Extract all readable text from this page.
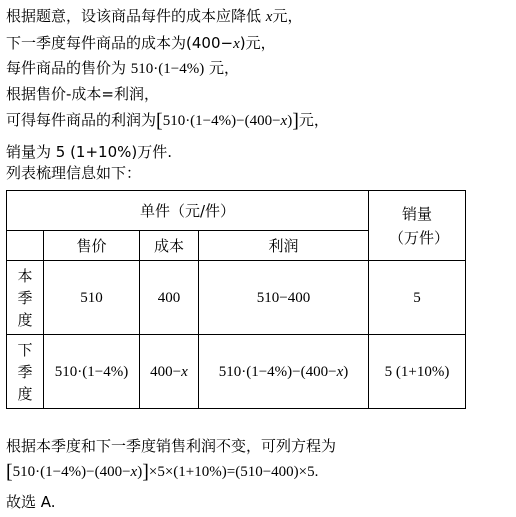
根据题意，设该商品每件的成本应降低 x元，
下一季度每件商品的成本为(400−x)元，
每件商品的售价为 510·(1−4%) 元，
根据售价-成本=利润，
可得每件商品的利润为[510·(1−4%)−(400−x)]元，
销量为 5 (1+10%)万件.
列表梳理信息如下：
单件（元/件）				销量（万件）

	售价	成本	利润	

本季度	510	400	510−400	5

下季度	510·(1−4%)	400−x	510·(1−4%)−(400−x)	5 (1+10%)
根据本季度和下一季度销售利润不变，可列方程为
[510·(1−4%)−(400−x)]×5×(1+10%)=(510−400)×5.
故选 A.
